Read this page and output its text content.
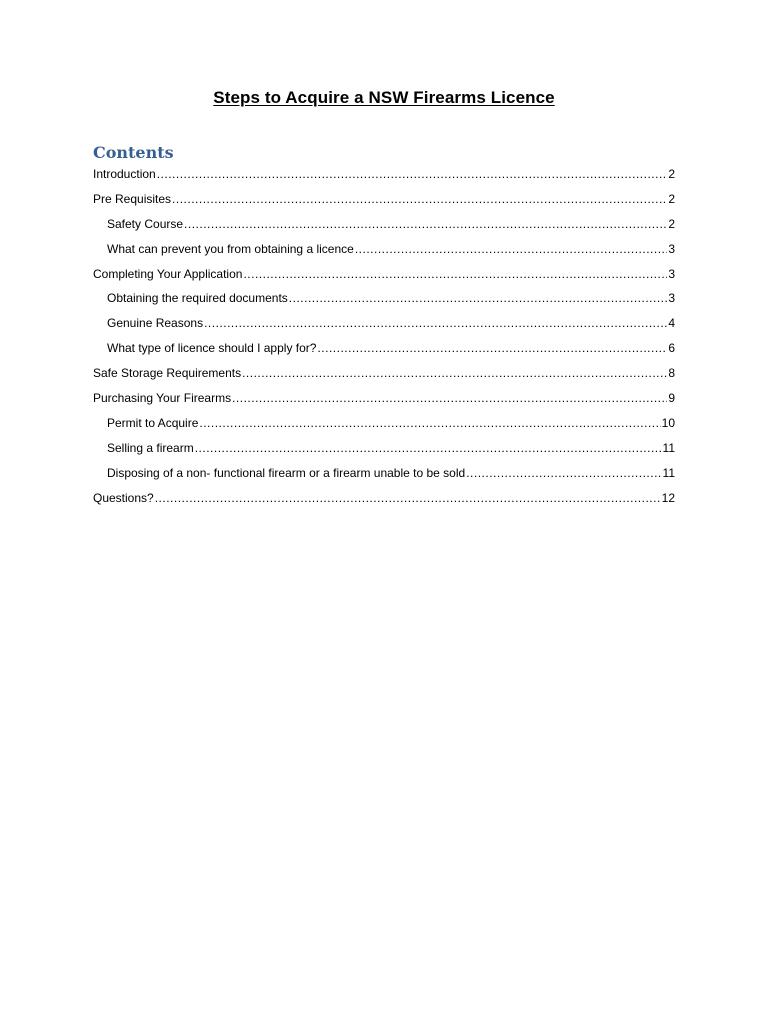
Steps to Acquire a NSW Firearms Licence
Contents
Introduction .....	2
Pre Requisites .....	2
Safety Course .....	2
What can prevent you from obtaining a licence .....	3
Completing Your Application .....	3
Obtaining the required documents .....	3
Genuine Reasons .....	4
What type of licence should I apply for? .....	6
Safe Storage Requirements .....	8
Purchasing Your Firearms .....	9
Permit to Acquire .....	10
Selling a firearm .....	11
Disposing of a non- functional firearm or a firearm unable to be sold .....	11
Questions? .....	12
